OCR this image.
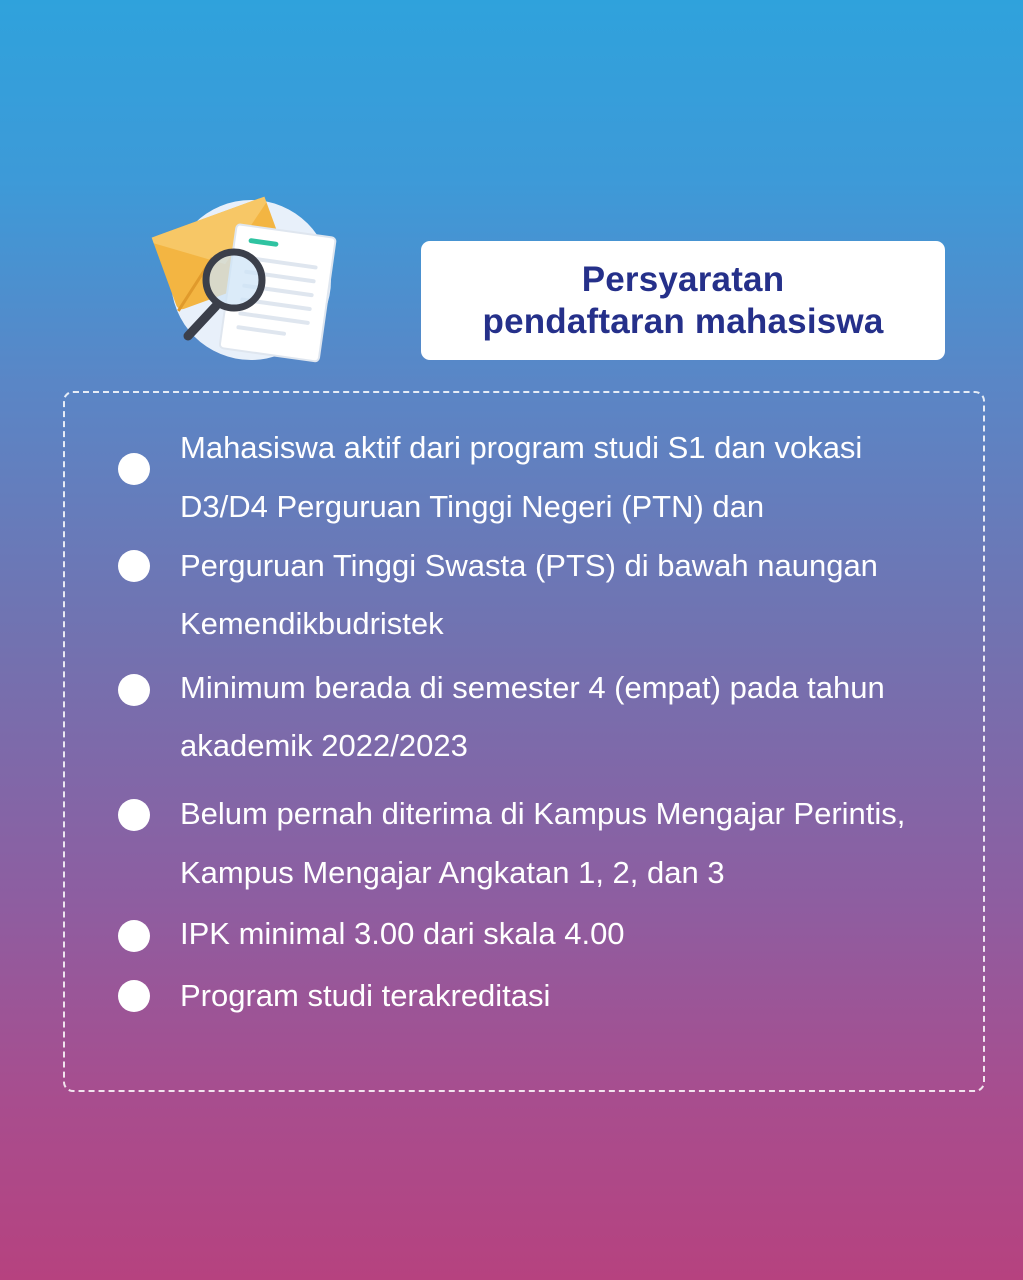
Persyaratan
pendaftaran mahasiswa
Mahasiswa aktif dari program studi S1 dan vokasi
D3/D4 Perguruan Tinggi Negeri (PTN) dan
Perguruan Tinggi Swasta (PTS) di bawah naungan
Kemendikbudristek
Minimum berada di semester 4 (empat) pada tahun
akademik 2022/2023
Belum pernah diterima di Kampus Mengajar Perintis,
Kampus Mengajar Angkatan 1, 2, dan 3
IPK minimal 3.00 dari skala 4.00
Program studi terakreditasi
